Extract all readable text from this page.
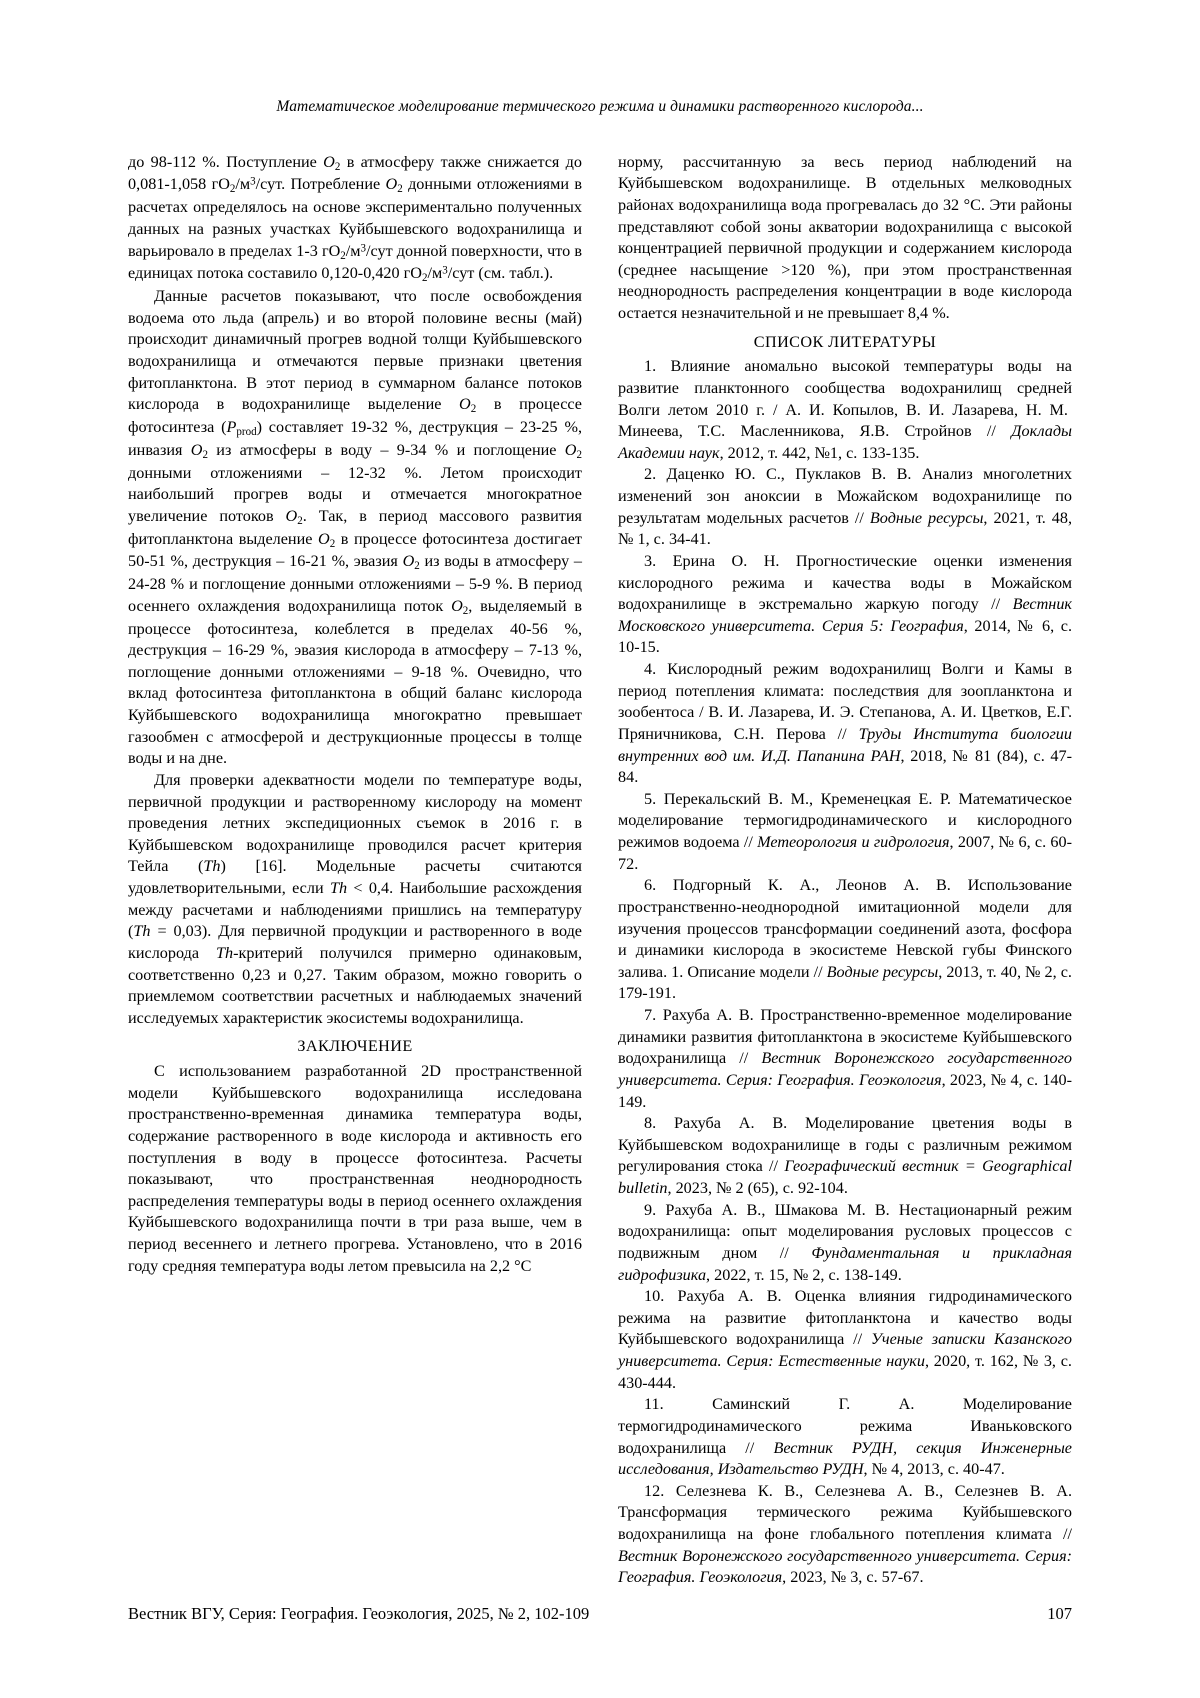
Математическое моделирование термического режима и динамики растворенного кислорода...

до 98-112 %. Поступление $O_2$ в атмосферу также снижается до 0,081-1,058 $гO_2/м^3$/сут. Потребление $O_2$ донными отложениями в расчетах определялось на основе экспериментально полученных данных на разных участках Куйбышевского водохранилища и варьировало в пределах 1-3 $гO_2/м^3$/сут донной поверхности, что в единицах потока составило 0,120-0,420 $гO_2/м^3$/сут (см. табл.).

Данные расчетов показывают, что после освобождения водоема ото льда (апрель) и во второй половине весны (май) происходит динамичный прогрев водной толщи Куйбышевского водохранилища и отмечаются первые признаки цветения фитопланктона. В этот период в суммарном балансе потоков кислорода в водохранилище выделение $O_2$ в процессе фотосинтеза $(P_{prod})$ составляет 19-32 %, деструкция – 23-25 %, инвазия $O_2$ из атмосферы в воду – 9-34 % и поглощение $O_2$ донными отложениями – 12-32 %. Летом происходит наибольший прогрев воды и отмечается многократное увеличение потоков $O_2$. Так, в период массового развития фитопланктона выделение $O_2$ в процессе фотосинтеза достигает 50-51 %, деструкция – 16-21 %, эвазия $O_2$ из воды в атмосферу – 24-28 % и поглощение донными отложениями – 5-9 %. В период осеннего охлаждения водохранилища поток $O_2$, выделяемый в процессе фотосинтеза, колеблется в пределах 40-56 %, деструкция – 16-29 %, эвазия кислорода в атмосферу – 7-13 %, поглощение донными отложениями – 9-18 %. Очевидно, что вклад фотосинтеза фитопланктона в общий баланс кислорода Куйбышевского водохранилища многократно превышает газообмен с атмосферой и деструкционные процессы в толще воды и на дне.

Для проверки адекватности модели по температуре воды, первичной продукции и растворенному кислороду на момент проведения летних экспедиционных съемок в 2016 г. в Куйбышевском водохранилище проводился расчет критерия Тейла (Th) [16]. Модельные расчеты считаются удовлетворительными, если Th < 0,4. Наибольшие расхождения между расчетами и наблюдениями пришлись на температуру (Th = 0,03). Для первичной продукции и растворенного в воде кислорода Th-критерий получился примерно одинаковым, соответственно 0,23 и 0,27. Таким образом, можно говорить о приемлемом соответствии расчетных и наблюдаемых значений исследуемых характеристик экосистемы водохранилища.

ЗАКЛЮЧЕНИЕ

С использованием разработанной 2D пространственной модели Куйбышевского водохранилища исследована пространственно-временная динамика температура воды, содержание растворенного в воде кислорода и активность его поступления в воду в процессе фотосинтеза. Расчеты показывают, что пространственная неоднородность распределения температуры воды в период осеннего охлаждения Куйбышевского водохранилища почти в три раза выше, чем в период весеннего и летнего прогрева. Установлено, что в 2016 году средняя температура воды летом превысила на 2,2 °С

норму, рассчитанную за весь период наблюдений на Куйбышевском водохранилище. В отдельных мелководных районах водохранилища вода прогревалась до 32 °С. Эти районы представляют собой зоны акватории водохранилища с высокой концентрацией первичной продукции и содержанием кислорода (среднее насыщение >120 %), при этом пространственная неоднородность распределения концентрации в воде кислорода остается незначительной и не превышает 8,4 %.

СПИСОК ЛИТЕРАТУРЫ

1. Влияние аномально высокой температуры воды на развитие планктонного сообщества водохранилищ средней Волги летом 2010 г. / А. И. Копылов, В. И. Лазарева, Н. М.  Минеева, Т.С. Масленникова, Я.В. Стройнов // Доклады Академии наук, 2012, т. 442, №1, с. 133-135.

2. Даценко Ю. С., Пуклаков В. В. Анализ многолетних изменений зон аноксии в Можайском водохранилище по результатам модельных расчетов // Водные ресурсы, 2021, т. 48, № 1, с. 34-41.

3. Ерина О. Н. Прогностические оценки изменения кислородного режима и качества воды в Можайском водохранилище в экстремально жаркую погоду // Вестник Московского университета. Серия 5: География, 2014, № 6, с. 10-15.

4. Кислородный режим водохранилищ Волги и Камы в период потепления климата: последствия для зоопланктона и зообентоса / В. И. Лазарева, И. Э. Степанова, А. И. Цветков, Е.Г. Пряничникова, С.Н. Перова // Труды Института биологии внутренних вод им. И.Д. Папанина РАН, 2018, № 81 (84), с. 47-84.

5. Перекальский В. М., Кременецкая Е. Р. Математическое моделирование термогидродинамического и кислородного режимов водоема // Метеорология и гидрология, 2007, № 6, с. 60-72.

6. Подгорный К. А., Леонов А. В. Использование пространственно-неоднородной имитационной модели для изучения процессов трансформации соединений азота, фосфора и динамики кислорода в экосистеме Невской губы Финского залива. 1. Описание модели // Водные ресурсы, 2013, т. 40, № 2, с. 179-191.

7. Рахуба А. В. Пространственно-временное моделирование динамики развития фитопланктона в экосистеме Куйбышевского водохранилища // Вестник Воронежского государственного университета. Серия: География. Геоэкология, 2023, № 4, с. 140-149.

8. Рахуба А. В. Моделирование цветения воды в Куйбышевском водохранилище в годы с различным режимом регулирования стока // Географический вестник = Geographical bulletin, 2023, № 2 (65), с. 92-104.

9. Рахуба А. В., Шмакова М. В. Нестационарный режим водохранилища: опыт моделирования русловых процессов с подвижным дном // Фундаментальная и прикладная гидрофизика, 2022, т. 15, № 2, с. 138-149.

10. Рахуба А. В. Оценка влияния гидродинамического режима на развитие фитопланктона и качество воды Куйбышевского водохранилища // Ученые записки Казанского университета. Серия: Естественные науки, 2020, т. 162, № 3, с. 430-444.

11. Саминский Г. А. Моделирование термогидродинамического режима Иваньковского водохранилища // Вестник РУДН, секция Инженерные исследования, Издательство РУДН, № 4, 2013, с. 40-47.

12. Селезнева К. В., Селезнева А. В., Селезнев В. А. Трансформация термического режима Куйбышевского водохранилища на фоне глобального потепления климата // Вестник Воронежского государственного университета. Серия: География. Геоэкология, 2023, № 3, с. 57-67.

Вестник ВГУ, Серия: География. Геоэкология, 2025, № 2, 102-109	107
